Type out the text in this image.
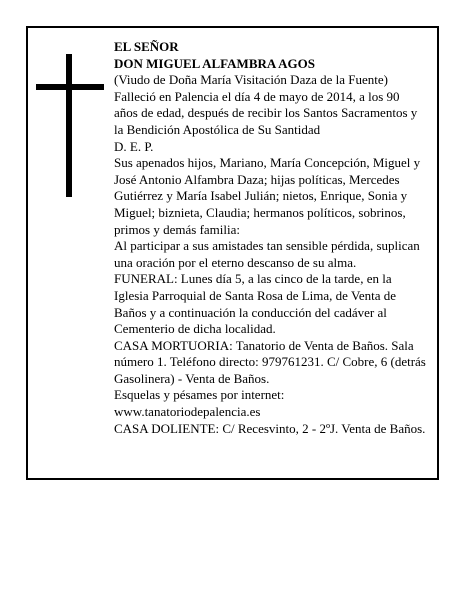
EL SEÑOR

DON MIGUEL ALFAMBRA AGOS

(Viudo de Doña María Visitación Daza de la Fuente)

Falleció en Palencia el día 4 de mayo de 2014, a los 90 años de edad, después de recibir los Santos Sacramentos y la Bendición Apostólica de Su Santidad

D. E. P.

Sus apenados hijos, Mariano, María Concepción, Miguel y José Antonio Alfambra Daza; hijas políticas, Mercedes Gutiérrez y María Isabel Julián; nietos, Enrique, Sonia y Miguel; biznieta, Claudia; hermanos políticos, sobrinos, primos y demás familia:

Al participar a sus amistades tan sensible pérdida, suplican una oración por el eterno descanso de su alma.

FUNERAL: Lunes día 5, a las cinco de la tarde, en la Iglesia Parroquial de Santa Rosa de Lima, de Venta de Baños y a continuación la conducción del cadáver al Cementerio de dicha localidad.

CASA MORTUORIA: Tanatorio de Venta de Baños. Sala número 1. Teléfono directo: 979761231. C/ Cobre, 6 (detrás Gasolinera) - Venta de Baños.

Esquelas y pésames por internet:

www.tanatoriodepalencia.es

CASA DOLIENTE: C/ Recesvinto, 2 - 2ºJ. Venta de Baños.
